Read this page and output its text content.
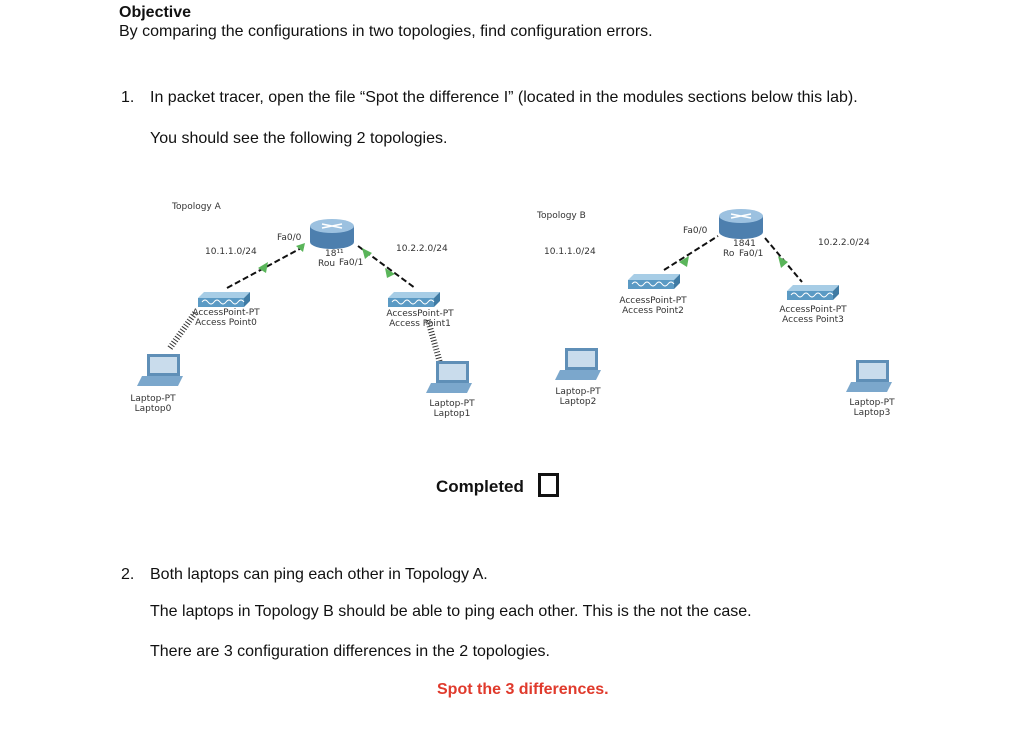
Objective
By comparing the configurations in two topologies, find configuration errors.
1. In packet tracer, open the file “Spot the difference I” (located in the modules sections below this lab).
You should see the following 2 topologies.
Topology A
10.1.1.0/24	10.2.2.0/24
Fa0/0
18¹¹
Rou Fa0/1
AccessPoint-PT
Access Point0
AccessPoint-PT
Access Point1
Laptop-PT
Laptop0	Laptop-PT
Laptop1
Topology B
10.1.1.0/24
10.2.2.0/24
Fa0/0
1841
Ro Fa0/1
AccessPoint-PT
Access Point2	AccessPoint-PT
Access Point3
Laptop-PT
Laptop2	Laptop-PT
Laptop3
Completed
2. Both laptops can ping each other in Topology A.
The laptops in Topology B should be able to ping each other. This is the not the case.
There are 3 configuration differences in the 2 topologies.
Spot the 3 differences.
